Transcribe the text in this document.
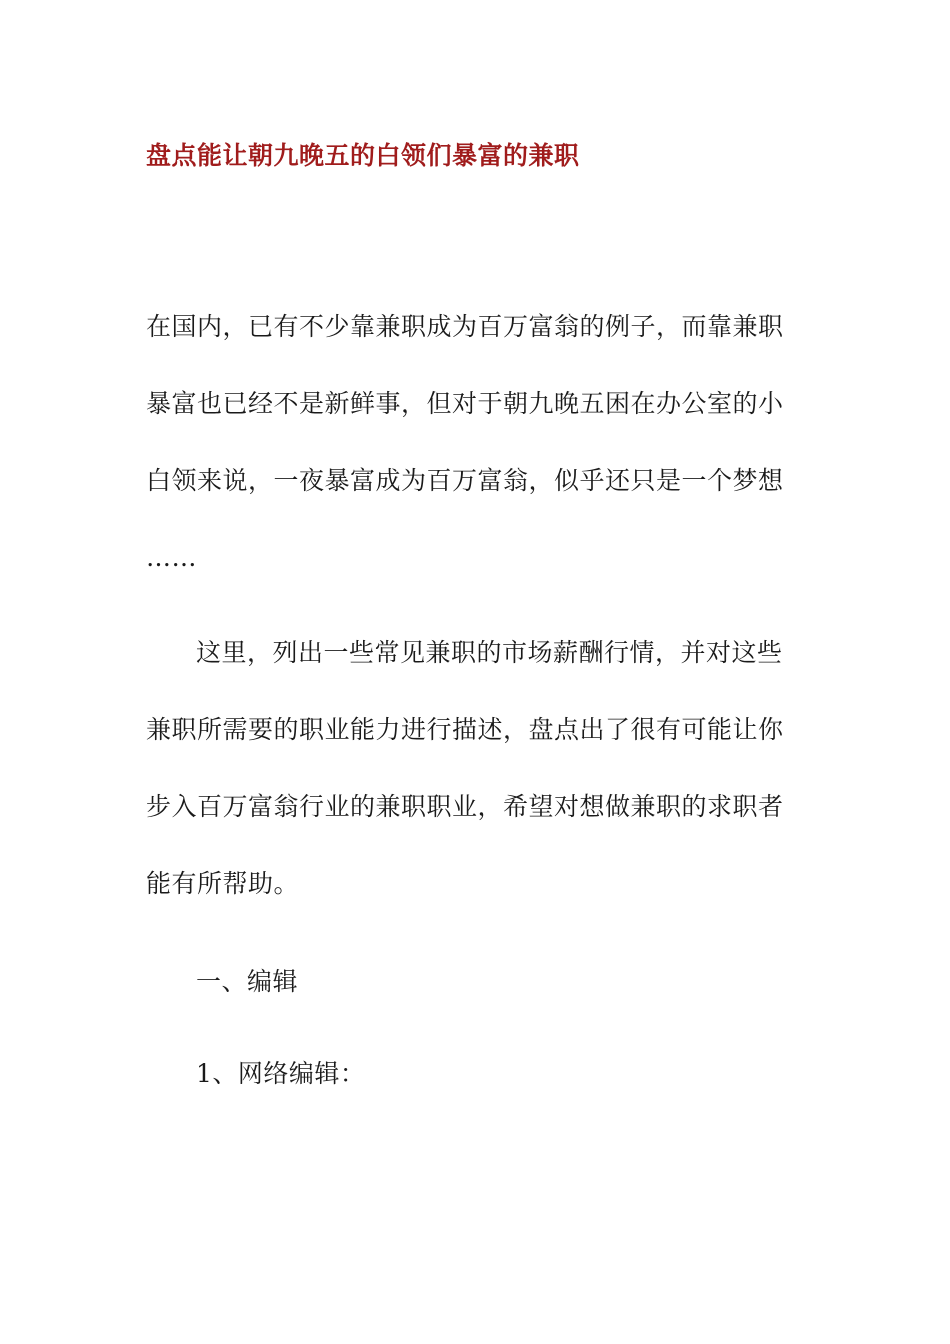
盘点能让朝九晚五的白领们暴富的兼职
在国内，已有不少靠兼职成为百万富翁的例子，而靠兼职
暴富也已经不是新鲜事，但对于朝九晚五困在办公室的小
白领来说，一夜暴富成为百万富翁，似乎还只是一个梦想
……
这里，列出一些常见兼职的市场薪酬行情，并对这些
兼职所需要的职业能力进行描述，盘点出了很有可能让你
步入百万富翁行业的兼职职业，希望对想做兼职的求职者
能有所帮助。
一、编辑
1、网络编辑：
